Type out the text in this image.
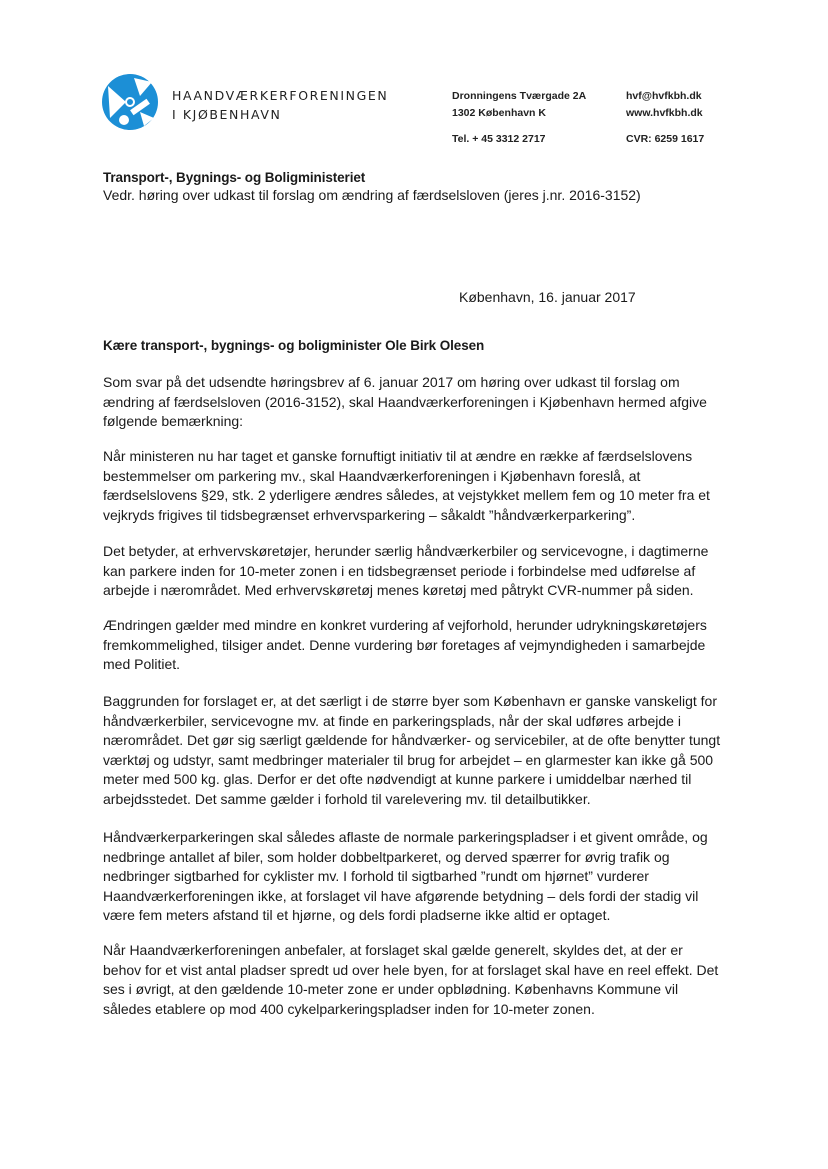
HAANDVÆRKERFORENINGEN
I KJØBENHAVN
Dronningens Tværgade 2A
1302 København K
Tel. + 45 3312 2717
hvf@hvfkbh.dk
www.hvfkbh.dk
CVR: 6259 1617
Transport-, Bygnings- og Boligministeriet
Vedr. høring over udkast til forslag om ændring af færdselsloven (jeres j.nr. 2016-3152)
København, 16. januar 2017
Kære transport-, bygnings- og boligminister Ole Birk Olesen

Som svar på det udsendte høringsbrev af 6. januar 2017 om høring over udkast til forslag om ændring af færdselsloven (2016-3152), skal Haandværkerforeningen i Kjøbenhavn hermed afgive følgende bemærkning:

Når ministeren nu har taget et ganske fornuftigt initiativ til at ændre en række af færdselslovens bestemmelser om parkering mv., skal Haandværkerforeningen i Kjøbenhavn foreslå, at færdselslovens §29, stk. 2 yderligere ændres således, at vejstykket mellem fem og 10 meter fra et vejkryds frigives til tidsbegrænset erhvervsparkering – såkaldt ”håndværkerparkering”.

Det betyder, at erhvervskøretøjer, herunder særlig håndværkerbiler og servicevogne, i dagtimerne kan parkere inden for 10-meter zonen i en tidsbegrænset periode i forbindelse med udførelse af arbejde i nærområdet. Med erhvervskøretøj menes køretøj med påtrykt CVR-nummer på siden.

Ændringen gælder med mindre en konkret vurdering af vejforhold, herunder udrykningskøretøjers fremkommelighed, tilsiger andet. Denne vurdering bør foretages af vejmyndigheden i samarbejde med Politiet.

Baggrunden for forslaget er, at det særligt i de større byer som København er ganske vanskeligt for håndværkerbiler, servicevogne mv. at finde en parkeringsplads, når der skal udføres arbejde i nærområdet. Det gør sig særligt gældende for håndværker- og servicebiler, at de ofte benytter tungt værktøj og udstyr, samt medbringer materialer til brug for arbejdet – en glarmester kan ikke gå 500 meter med 500 kg. glas. Derfor er det ofte nødvendigt at kunne parkere i umiddelbar nærhed til arbejdsstedet. Det samme gælder i forhold til varelevering mv. til detailbutikker.

Håndværkerparkeringen skal således aflaste de normale parkeringspladser i et givent område, og nedbringe antallet af biler, som holder dobbeltparkeret, og derved spærrer for øvrig trafik og nedbringer sigtbarhed for cyklister mv. I forhold til sigtbarhed ”rundt om hjørnet” vurderer Haandværkerforeningen ikke, at forslaget vil have afgørende betydning – dels fordi der stadig vil være fem meters afstand til et hjørne, og dels fordi pladserne ikke altid er optaget.

Når Haandværkerforeningen anbefaler, at forslaget skal gælde generelt, skyldes det, at der er behov for et vist antal pladser spredt ud over hele byen, for at forslaget skal have en reel effekt. Det ses i øvrigt, at den gældende 10-meter zone er under opblødning. Københavns Kommune vil således etablere op mod 400 cykelparkeringspladser inden for 10-meter zonen.
